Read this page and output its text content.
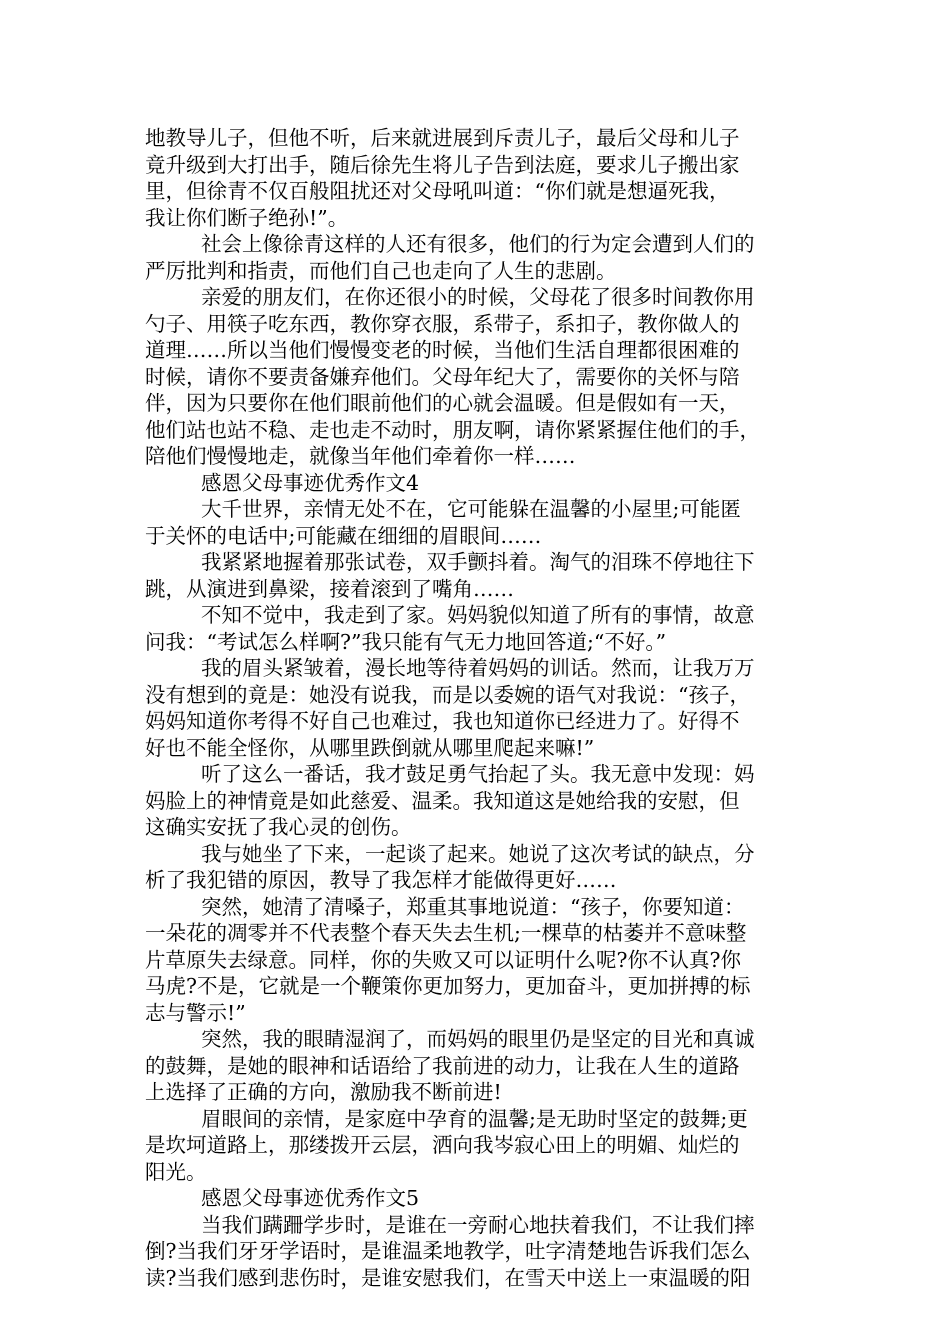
地教导儿子，但他不听，后来就进展到斥责儿子，最后父母和儿子
竟升级到大打出手，随后徐先生将儿子告到法庭，要求儿子搬出家
里，但徐青不仅百般阻扰还对父母吼叫道：“你们就是想逼死我，
我让你们断子绝孙!”。
社会上像徐青这样的人还有很多，他们的行为定会遭到人们的
严厉批判和指责，而他们自己也走向了人生的悲剧。
亲爱的朋友们，在你还很小的时候，父母花了很多时间教你用
勺子、用筷子吃东西，教你穿衣服，系带子，系扣子，教你做人的
道理……所以当他们慢慢变老的时候，当他们生活自理都很困难的
时候，请你不要责备嫌弃他们。父母年纪大了，需要你的关怀与陪
伴，因为只要你在他们眼前他们的心就会温暖。但是假如有一天，
他们站也站不稳、走也走不动时，朋友啊，请你紧紧握住他们的手，
陪他们慢慢地走，就像当年他们牵着你一样……
感恩父母事迹优秀作文4
大千世界，亲情无处不在，它可能躲在温馨的小屋里;可能匿
于关怀的电话中;可能藏在细细的眉眼间……
我紧紧地握着那张试卷，双手颤抖着。淘气的泪珠不停地往下
跳，从演进到鼻梁，接着滚到了嘴角……
不知不觉中，我走到了家。妈妈貌似知道了所有的事情，故意
问我：“考试怎么样啊?”我只能有气无力地回答道;“不好。”
我的眉头紧皱着，漫长地等待着妈妈的训话。然而，让我万万
没有想到的竟是：她没有说我，而是以委婉的语气对我说：“孩子，
妈妈知道你考得不好自己也难过，我也知道你已经进力了。好得不
好也不能全怪你，从哪里跌倒就从哪里爬起来嘛!”
听了这么一番话，我才鼓足勇气抬起了头。我无意中发现：妈
妈脸上的神情竟是如此慈爱、温柔。我知道这是她给我的安慰，但
这确实安抚了我心灵的创伤。
我与她坐了下来，一起谈了起来。她说了这次考试的缺点，分
析了我犯错的原因，教导了我怎样才能做得更好……
突然，她清了清嗓子，郑重其事地说道：“孩子，你要知道：
一朵花的凋零并不代表整个春天失去生机;一棵草的枯萎并不意味整
片草原失去绿意。同样，你的失败又可以证明什么呢?你不认真?你
马虎?不是，它就是一个鞭策你更加努力，更加奋斗，更加拼搏的标
志与警示!”
突然，我的眼睛湿润了，而妈妈的眼里仍是坚定的目光和真诚
的鼓舞，是她的眼神和话语给了我前进的动力，让我在人生的道路
上选择了正确的方向，激励我不断前进!
眉眼间的亲情，是家庭中孕育的温馨;是无助时坚定的鼓舞;更
是坎坷道路上，那缕拨开云层，洒向我岑寂心田上的明媚、灿烂的
阳光。
感恩父母事迹优秀作文5
当我们蹒跚学步时，是谁在一旁耐心地扶着我们，不让我们摔
倒?当我们牙牙学语时，是谁温柔地教学，吐字清楚地告诉我们怎么
读?当我们感到悲伤时，是谁安慰我们，在雪天中送上一束温暖的阳
